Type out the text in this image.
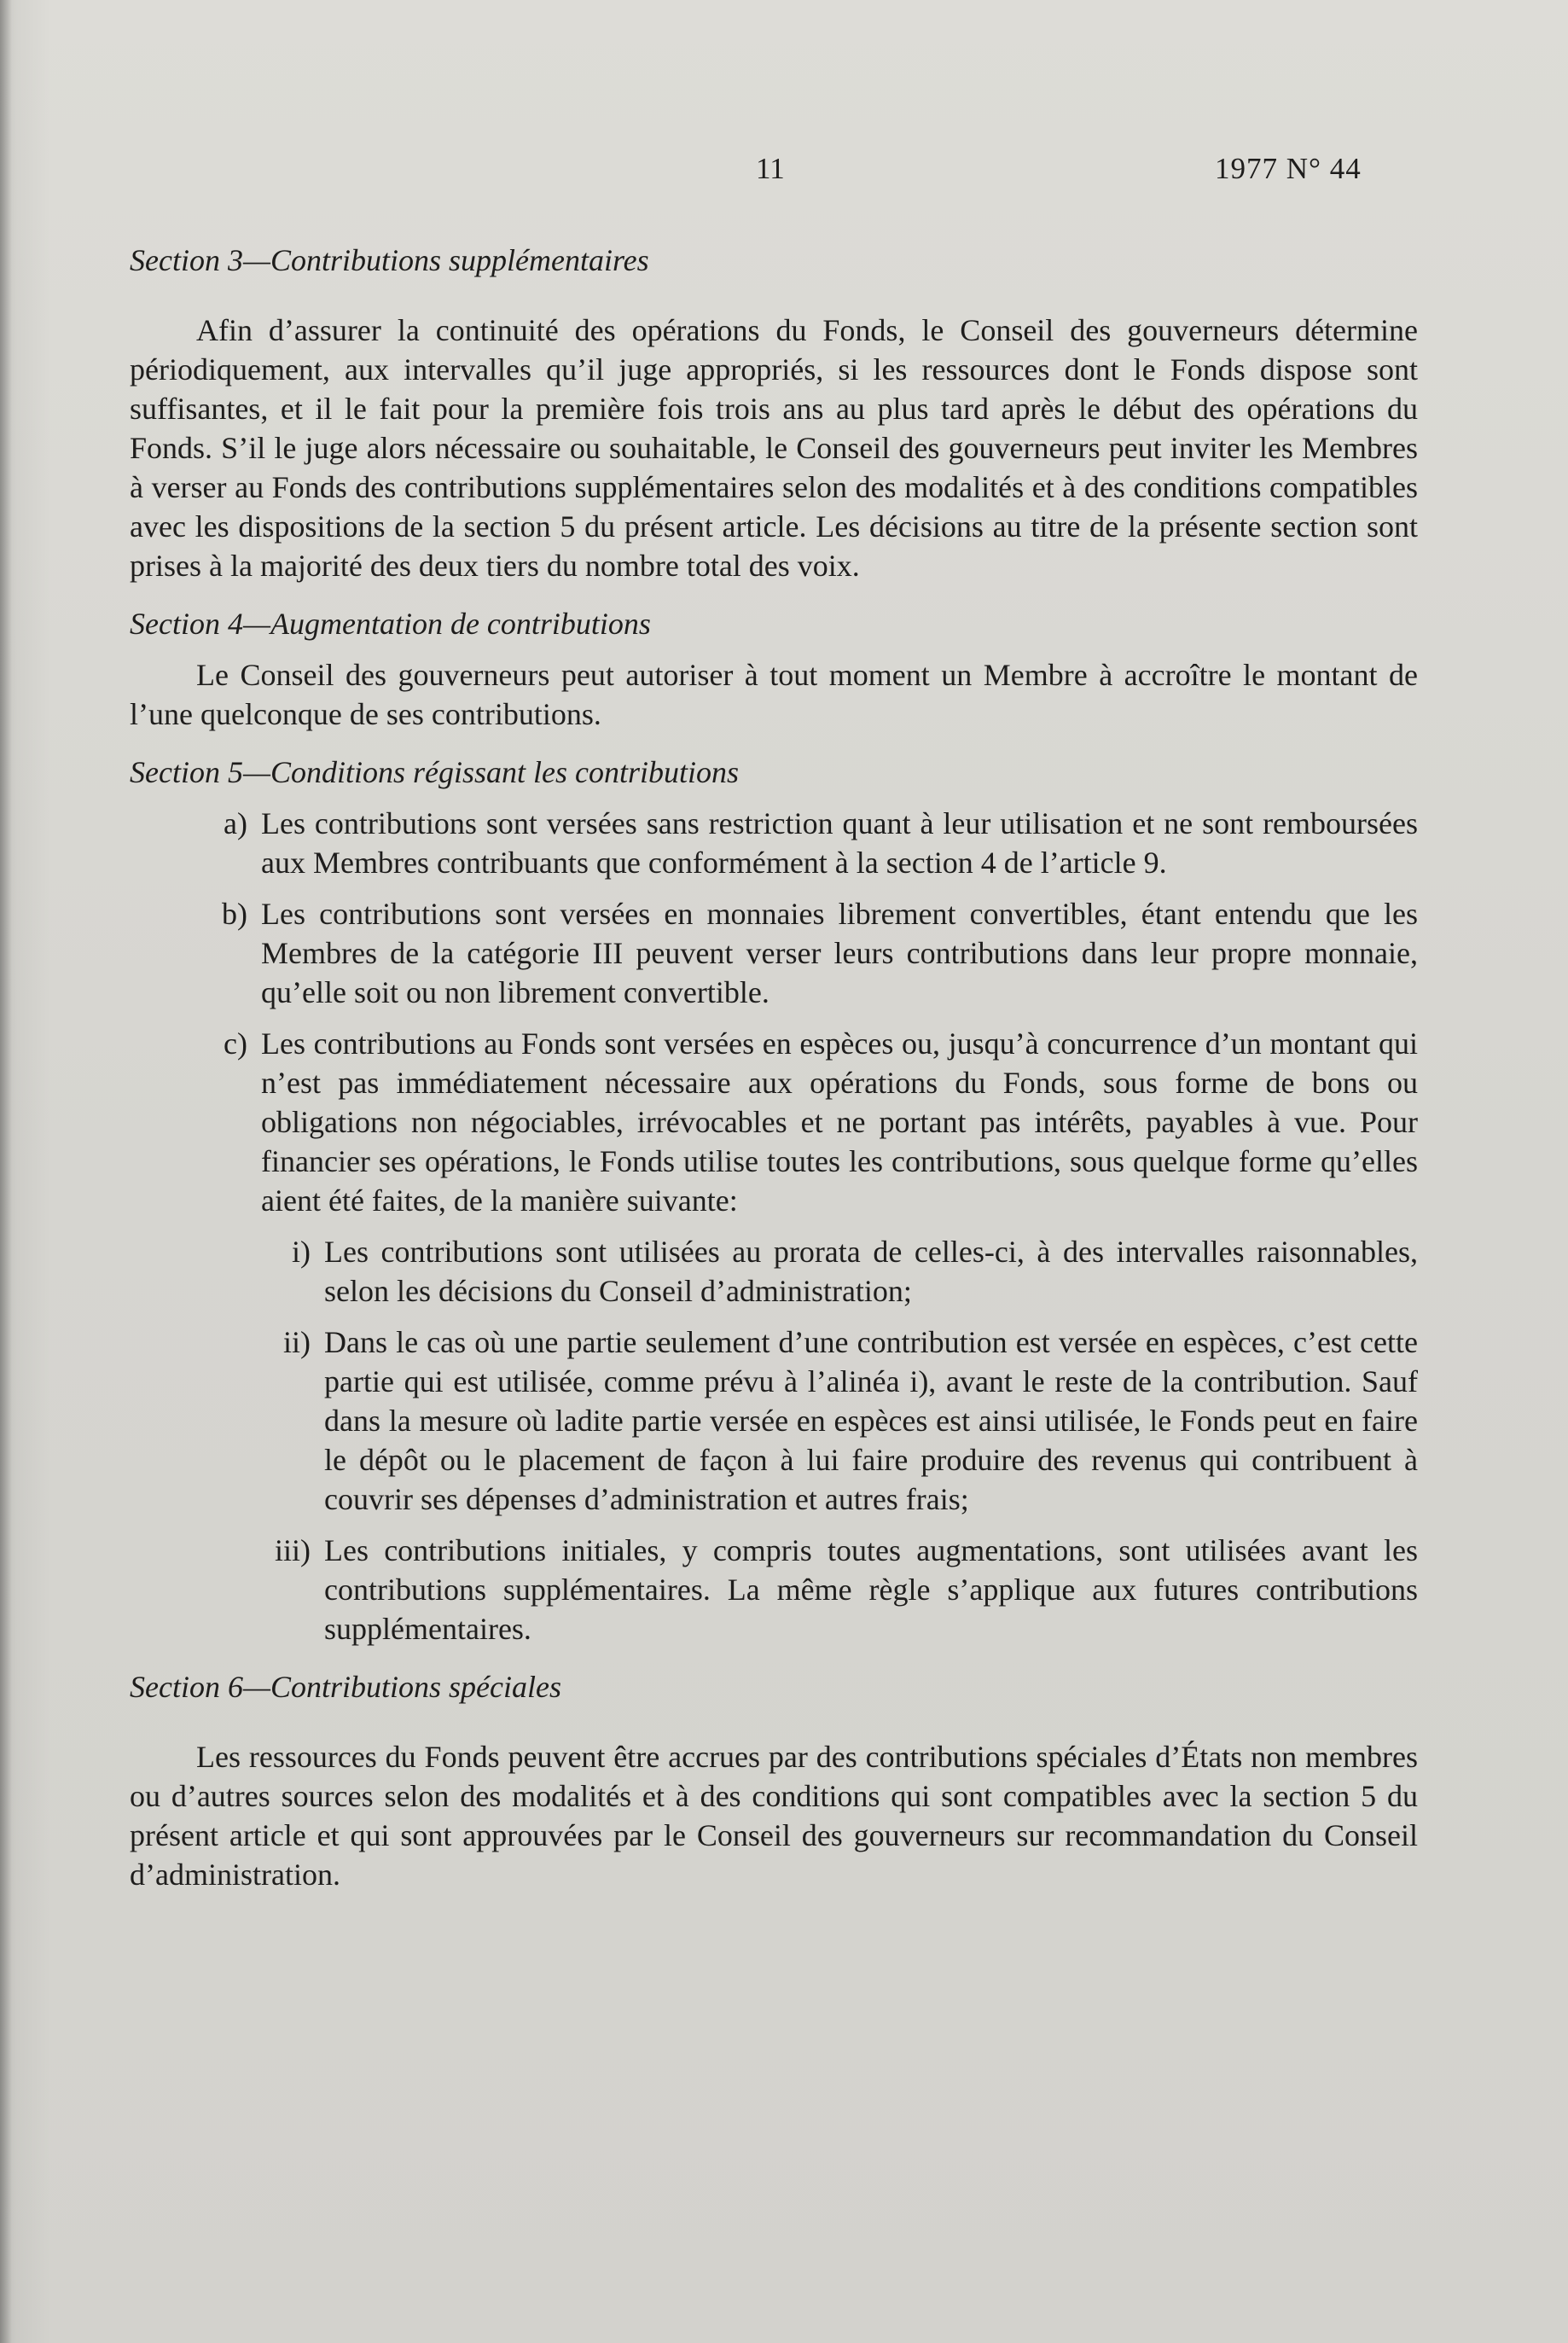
11	1977 N° 44
Section 3—Contributions supplémentaires

Afin d’assurer la continuité des opérations du Fonds, le Conseil des gouverneurs détermine périodiquement, aux intervalles qu’il juge appropriés, si les ressources dont le Fonds dispose sont suffisantes, et il le fait pour la première fois trois ans au plus tard après le début des opérations du Fonds. S’il le juge alors nécessaire ou souhaitable, le Conseil des gouverneurs peut inviter les Membres à verser au Fonds des contributions supplémentaires selon des modalités et à des conditions compatibles avec les dispositions de la section 5 du présent article. Les décisions au titre de la présente section sont prises à la majorité des deux tiers du nombre total des voix.

Section 4—Augmentation de contributions

Le Conseil des gouverneurs peut autoriser à tout moment un Membre à accroître le montant de l’une quelconque de ses contributions.

Section 5—Conditions régissant les contributions
a) Les contributions sont versées sans restriction quant à leur utilisation et ne sont remboursées aux Membres contribuants que conformément à la section 4 de l’article 9.
b) Les contributions sont versées en monnaies librement convertibles, étant entendu que les Membres de la catégorie III peuvent verser leurs contributions dans leur propre monnaie, qu’elle soit ou non librement convertible.
c) Les contributions au Fonds sont versées en espèces ou, jusqu’à concurrence d’un montant qui n’est pas immédiatement nécessaire aux opérations du Fonds, sous forme de bons ou obligations non négociables, irrévocables et ne portant pas intérêts, payables à vue. Pour financier ses opérations, le Fonds utilise toutes les contributions, sous quelque forme qu’elles aient été faites, de la manière suivante:
i) Les contributions sont utilisées au prorata de celles-ci, à des intervalles raisonnables, selon les décisions du Conseil d’administration;
ii) Dans le cas où une partie seulement d’une contribution est versée en espèces, c’est cette partie qui est utilisée, comme prévu à l’alinéa i), avant le reste de la contribution. Sauf dans la mesure où ladite partie versée en espèces est ainsi utilisée, le Fonds peut en faire le dépôt ou le placement de façon à lui faire produire des revenus qui contribuent à couvrir ses dépenses d’administration et autres frais;
iii) Les contributions initiales, y compris toutes augmentations, sont utilisées avant les contributions supplémentaires. La même règle s’applique aux futures contributions supplémentaires.
Section 6—Contributions spéciales

Les ressources du Fonds peuvent être accrues par des contributions spéciales d’États non membres ou d’autres sources selon des modalités et à des conditions qui sont compatibles avec la section 5 du présent article et qui sont approuvées par le Conseil des gouverneurs sur recommandation du Conseil d’administration.
